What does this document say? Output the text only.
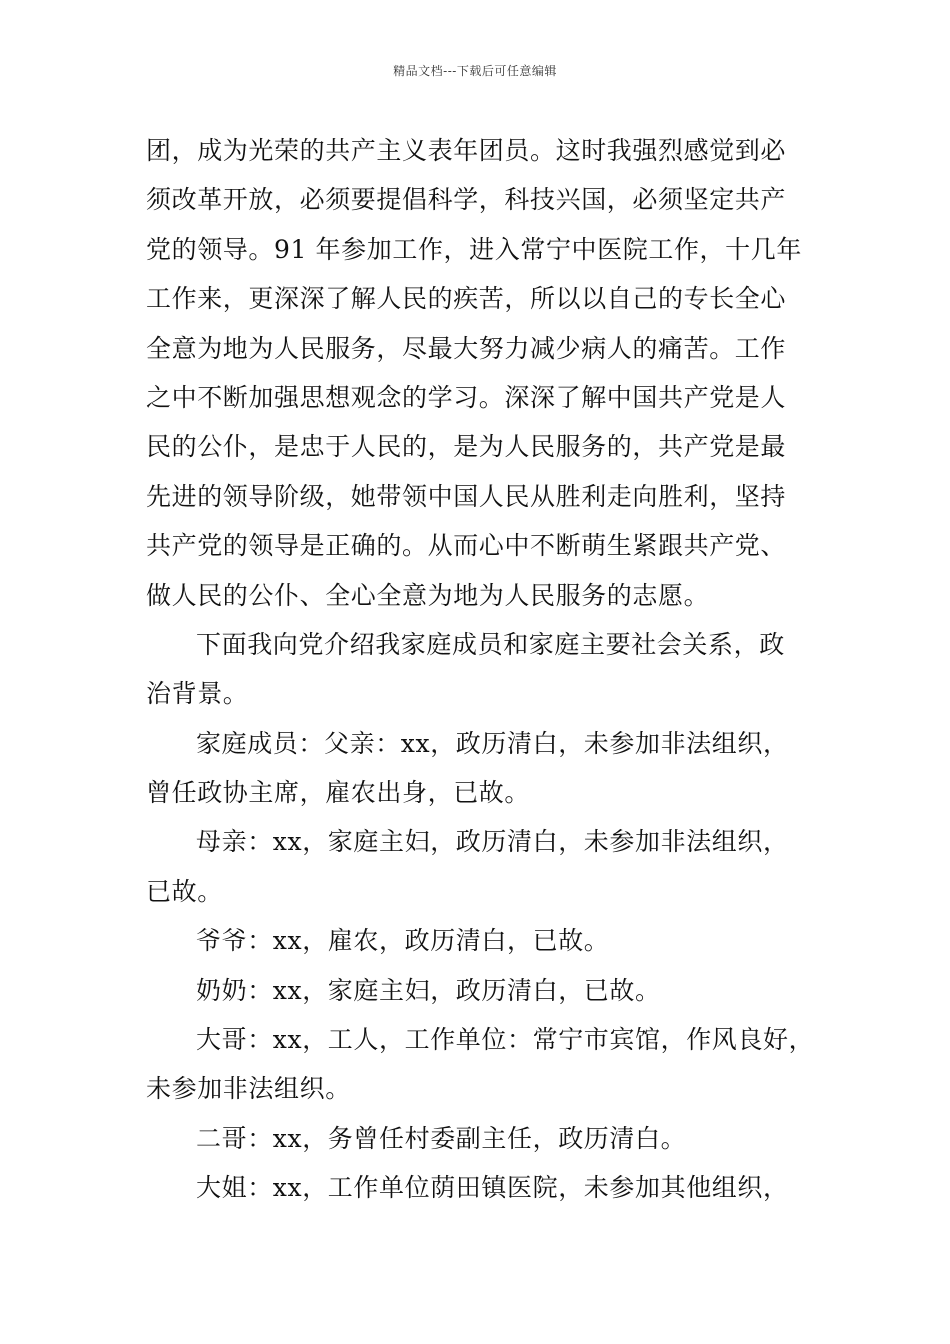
精品文档---下载后可任意编辑
团，成为光荣的共产主义表年团员。这时我强烈感觉到必
须改革开放，必须要提倡科学，科技兴国，必须坚定共产
党的领导。91 年参加工作，进入常宁中医院工作，十几年
工作来，更深深了解人民的疾苦，所以以自己的专长全心
全意为地为人民服务，尽最大努力减少病人的痛苦。工作
之中不断加强思想观念的学习。深深了解中国共产党是人
民的公仆，是忠于人民的，是为人民服务的，共产党是最
先进的领导阶级，她带领中国人民从胜利走向胜利，坚持
共产党的领导是正确的。从而心中不断萌生紧跟共产党、
做人民的公仆、全心全意为地为人民服务的志愿。
下面我向党介绍我家庭成员和家庭主要社会关系，政
治背景。
家庭成员：父亲：xx，政历清白，未参加非法组织，
曾任政协主席，雇农出身，已故。
母亲：xx，家庭主妇，政历清白，未参加非法组织，
已故。
爷爷：xx，雇农，政历清白，已故。
奶奶：xx，家庭主妇，政历清白，已故。
大哥：xx，工人，工作单位：常宁市宾馆，作风良好，
未参加非法组织。
二哥：xx，务曾任村委副主任，政历清白。
大姐：xx，工作单位荫田镇医院，未参加其他组织，
